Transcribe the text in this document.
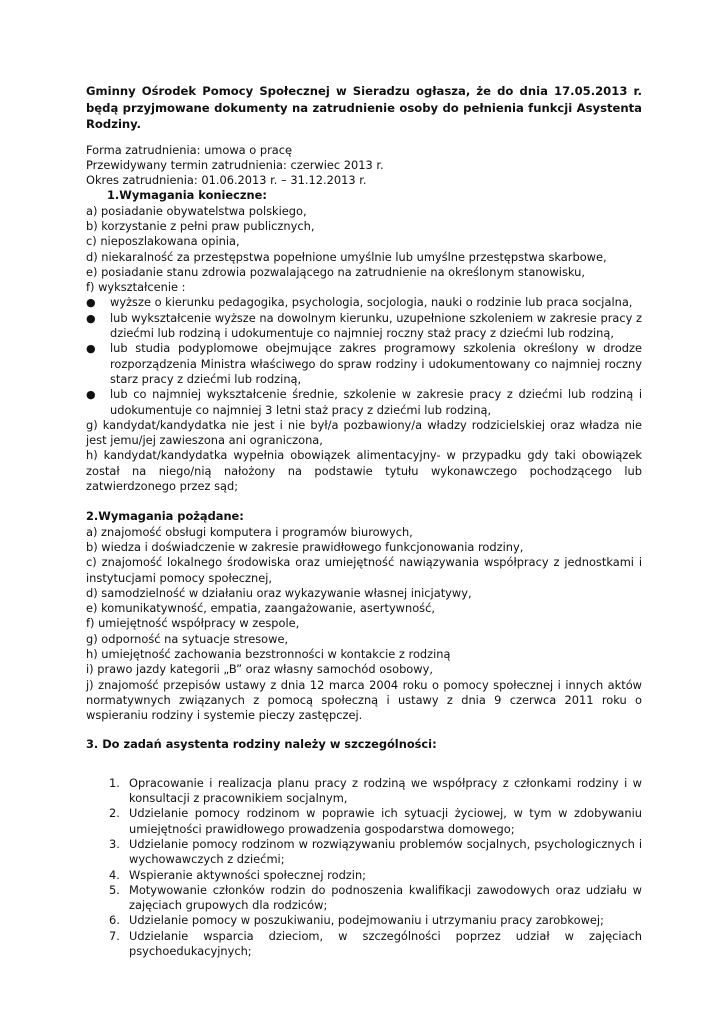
Gminny Ośrodek Pomocy Społecznej w Sieradzu ogłasza, że do dnia 17.05.2013 r. będą przyjmowane dokumenty na zatrudnienie osoby do pełnienia funkcji Asystenta Rodziny.

Forma zatrudnienia: umowa o pracę

Przewidywany termin zatrudnienia: czerwiec 2013 r.

Okres zatrudnienia: 01.06.2013 r. – 31.12.2013 r.

1.Wymagania konieczne:

a) posiadanie obywatelstwa polskiego,

b) korzystanie z pełni praw publicznych,

c) nieposzlakowana opinia,

d) niekaralność za przestępstwa popełnione umyślnie lub umyślne przestępstwa skarbowe,

e) posiadanie stanu zdrowia pozwalającego na zatrudnienie na określonym stanowisku,

f) wykształcenie :

● wyższe o kierunku pedagogika, psychologia, socjologia, nauki o rodzinie lub praca socjalna,
● lub wykształcenie wyższe na dowolnym kierunku, uzupełnione szkoleniem w zakresie pracy z dziećmi lub rodziną i udokumentuje co najmniej roczny staż pracy z dziećmi lub rodziną,
● lub studia podyplomowe obejmujące zakres programowy szkolenia określony w drodze rozporządzenia Ministra właściwego do spraw rodziny i udokumentowany co najmniej roczny starz pracy z dziećmi lub rodziną,
● lub co najmniej wykształcenie średnie, szkolenie w zakresie pracy z dziećmi lub rodziną i udokumentuje co najmniej 3 letni staż pracy z dziećmi lub rodziną,

g) kandydat/kandydatka nie jest i nie był/a pozbawiony/a władzy rodzicielskiej oraz władza nie jest jemu/jej zawieszona ani ograniczona,

h) kandydat/kandydatka wypełnia obowiązek alimentacyjny- w przypadku gdy taki obowiązek został na niego/nią nałożony na podstawie tytułu wykonawczego pochodzącego lub zatwierdzonego przez sąd;

2.Wymagania pożądane:

a) znajomość obsługi komputera i programów biurowych,

b) wiedza i doświadczenie w zakresie prawidłowego funkcjonowania rodziny,

c) znajomość lokalnego środowiska oraz umiejętność nawiązywania współpracy z jednostkami i instytucjami pomocy społecznej,

d) samodzielność w działaniu oraz wykazywanie własnej inicjatywy,

e) komunikatywność, empatia, zaangażowanie, asertywność,

f) umiejętność współpracy w zespole,

g) odporność na sytuacje stresowe,

h) umiejętność zachowania bezstronności w kontakcie z rodziną

i) prawo jazdy kategorii „B” oraz własny samochód osobowy,

j) znajomość przepisów ustawy z dnia 12 marca 2004 roku o pomocy społecznej i innych aktów normatywnych związanych z pomocą społeczną i ustawy z dnia 9 czerwca 2011 roku o wspieraniu rodziny i systemie pieczy zastępczej.

3. Do zadań asystenta rodziny należy w szczególności:

1. Opracowanie i realizacja planu pracy z rodziną we współpracy z członkami rodziny i w konsultacji z pracownikiem socjalnym,
2. Udzielanie pomocy rodzinom w poprawie ich sytuacji życiowej, w tym w zdobywaniu umiejętności prawidłowego prowadzenia gospodarstwa domowego;
3. Udzielanie pomocy rodzinom w rozwiązywaniu problemów socjalnych, psychologicznych i wychowawczych z dziećmi;
4. Wspieranie aktywności społecznej rodzin;
5. Motywowanie członków rodzin do podnoszenia kwalifikacji zawodowych oraz udziału w zajęciach grupowych dla rodziców;
6. Udzielanie pomocy w poszukiwaniu, podejmowaniu i utrzymaniu pracy zarobkowej;
7. Udzielanie wsparcia dzieciom, w szczególności poprzez udział w zajęciach psychoedukacyjnych;
